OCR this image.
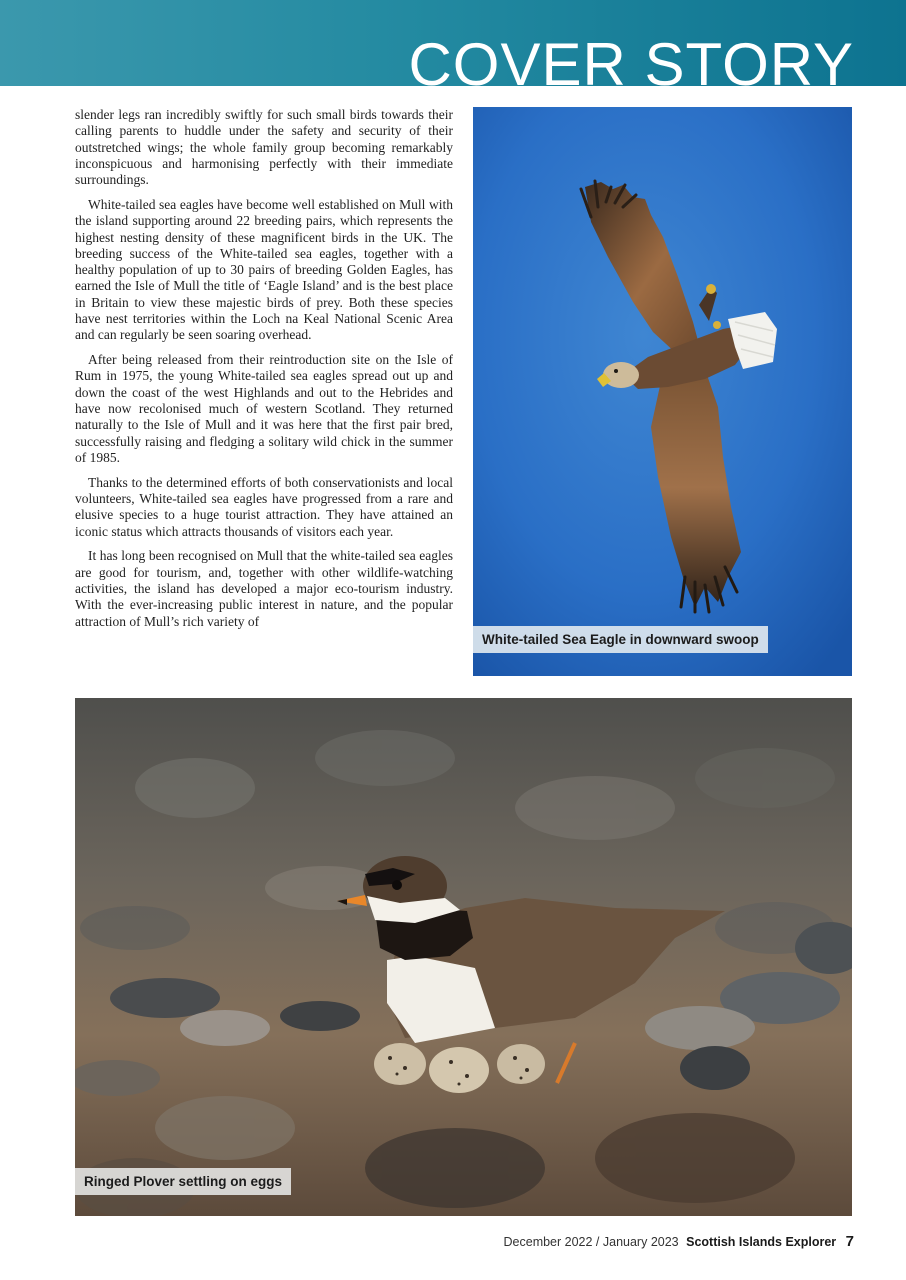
COVER STORY

slender legs ran incredibly swiftly for such small birds towards their calling parents to huddle under the safety and security of their outstretched wings; the whole family group becoming remarkably inconspicuous and harmonising perfectly with their immediate surroundings.

White-tailed sea eagles have become well established on Mull with the island supporting around 22 breeding pairs, which represents the highest nesting density of these magnificent birds in the UK. The breeding success of the White-tailed sea eagles, together with a healthy population of up to 30 pairs of breeding Golden Eagles, has earned the Isle of Mull the title of ‘Eagle Island’ and is the best place in Britain to view these majestic birds of prey. Both these species have nest territories within the Loch na Keal National Scenic Area and can regularly be seen soaring overhead.

After being released from their reintroduction site on the Isle of Rum in 1975, the young White-tailed sea eagles spread out up and down the coast of the west Highlands and out to the Hebrides and have now recolonised much of western Scotland. They returned naturally to the Isle of Mull and it was here that the first pair bred, successfully raising and fledging a solitary wild chick in the summer of 1985.

Thanks to the determined efforts of both conservationists and local volunteers, White-tailed sea eagles have progressed from a rare and elusive species to a huge tourist attraction. They have attained an iconic status which attracts thousands of visitors each year.

It has long been recognised on Mull that the white-tailed sea eagles are good for tourism, and, together with other wildlife-watching activities, the island has developed a major eco-tourism industry. With the ever-increasing public interest in nature, and the popular attraction of Mull’s rich variety of

White-tailed Sea Eagle in downward swoop
Ringed Plover settling on eggs
December 2022 / January 2023 Scottish Islands Explorer 7
